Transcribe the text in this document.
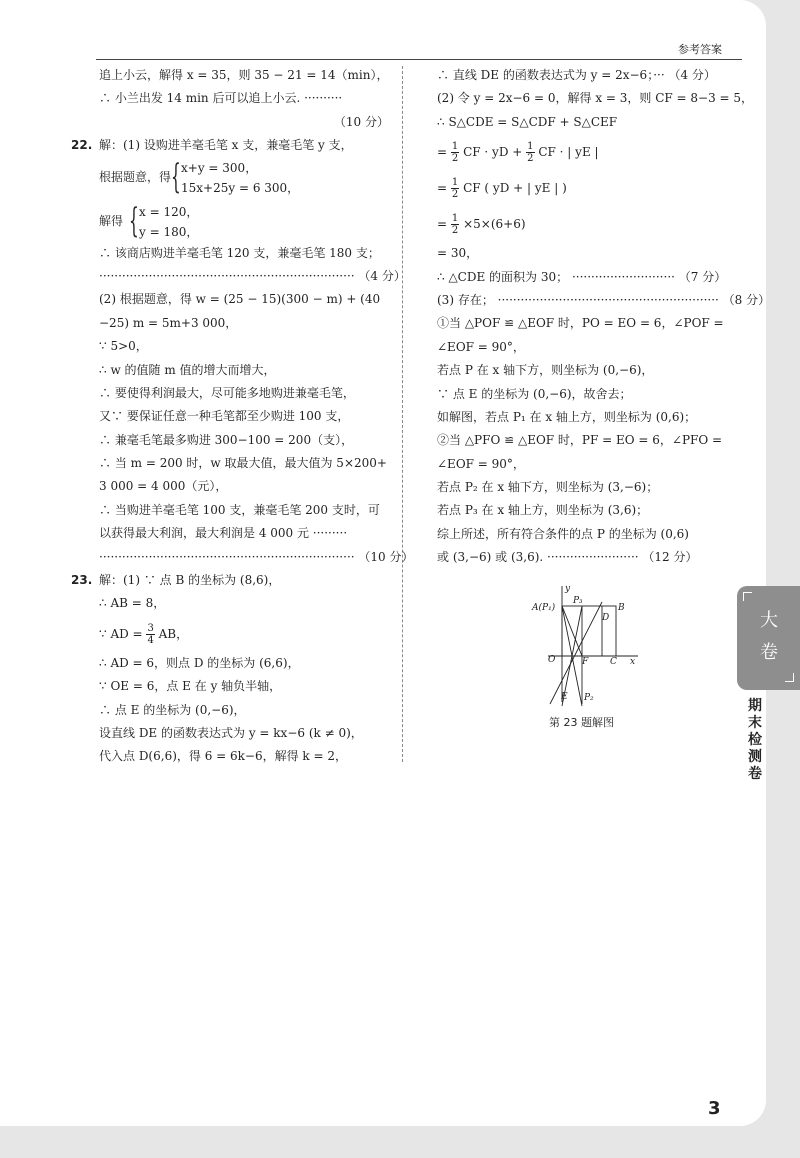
参考答案
追上小云，解得 x = 35，则 35 − 21 = 14（min），
∴ 小兰出发 14 min 后可以追上小云. ··········
（10 分）
22. 解：(1) 设购进羊毫毛笔 x 支，兼毫毛笔 y 支，
根据题意，得 { x+y = 300，
15x+25y = 6 300，
解得 { x = 120，
y = 180，
∴ 该商店购进羊毫毛笔 120 支，兼毫毛笔 180 支；
··································································· （4 分）
(2) 根据题意，得 w = (25 − 15)(300 − m) + (40
−25) m = 5m+3 000，
∵ 5>0，
∴ w 的值随 m 值的增大而增大，
∴ 要使得利润最大，尽可能多地购进兼毫毛笔，
又∵ 要保证任意一种毛笔都至少购进 100 支，
∴ 兼毫毛笔最多购进 300−100 = 200（支），
∴ 当 m = 200 时，w 取最大值，最大值为 5×200+
3 000 = 4 000（元），
∴ 当购进羊毫毛笔 100 支，兼毫毛笔 200 支时，可
以获得最大利润，最大利润是 4 000 元 ·········
··································································· （10 分）
23. 解：(1) ∵ 点 B 的坐标为 (8,6)，
∴ AB = 8，
∵ AD = $\frac{3}{4}$ AB，
∴ AD = 6，则点 D 的坐标为 (6,6)，
∵ OE = 6，点 E 在 y 轴负半轴，
∴ 点 E 的坐标为 (0,−6)，
设直线 DE 的函数表达式为 y = kx−6 (k ≠ 0)，
代入点 D(6,6)，得 6 = 6k−6，解得 k = 2，
∴ 直线 DE 的函数表达式为 y = 2x−6；··· （4 分）
(2) 令 y = 2x−6 = 0，解得 x = 3，则 CF = 8−3 = 5，
∴ S△CDE = S△CDF + S△CEF
= $\frac{1}{2}$ CF · yD + $\frac{1}{2}$ CF · | yE |
= $\frac{1}{2}$ CF ( yD + | yE | )
= $\frac{1}{2} \times 5\times(6+6)$
= 30，
∴ △CDE 的面积为 30； ··························· （7 分）
(3) 存在； ·························································· （8 分）
①当 △POF ≌ △EOF 时，PO = EO = 6，∠POF =
∠EOF = 90°，
若点 P 在 x 轴下方，则坐标为 (0,−6)，
∵ 点 E 的坐标为 (0,−6)，故舍去；
如解图，若点 P₁ 在 x 轴上方，则坐标为 (0,6)；
②当 △PFO ≌ △EOF 时，PF = EO = 6，∠PFO =
∠EOF = 90°，
若点 P₂ 在 x 轴下方，则坐标为 (3,−6)；
若点 P₃ 在 x 轴上方，则坐标为 (3,6)；
综上所述，所有符合条件的点 P 的坐标为 (0,6)
或 (3,−6) 或 (3,6). ························ （12 分）
y
x
A(P₁)
P₃
B
D
O	F C
E P₂
第 23 题解图
3
大
卷
期末检测卷
